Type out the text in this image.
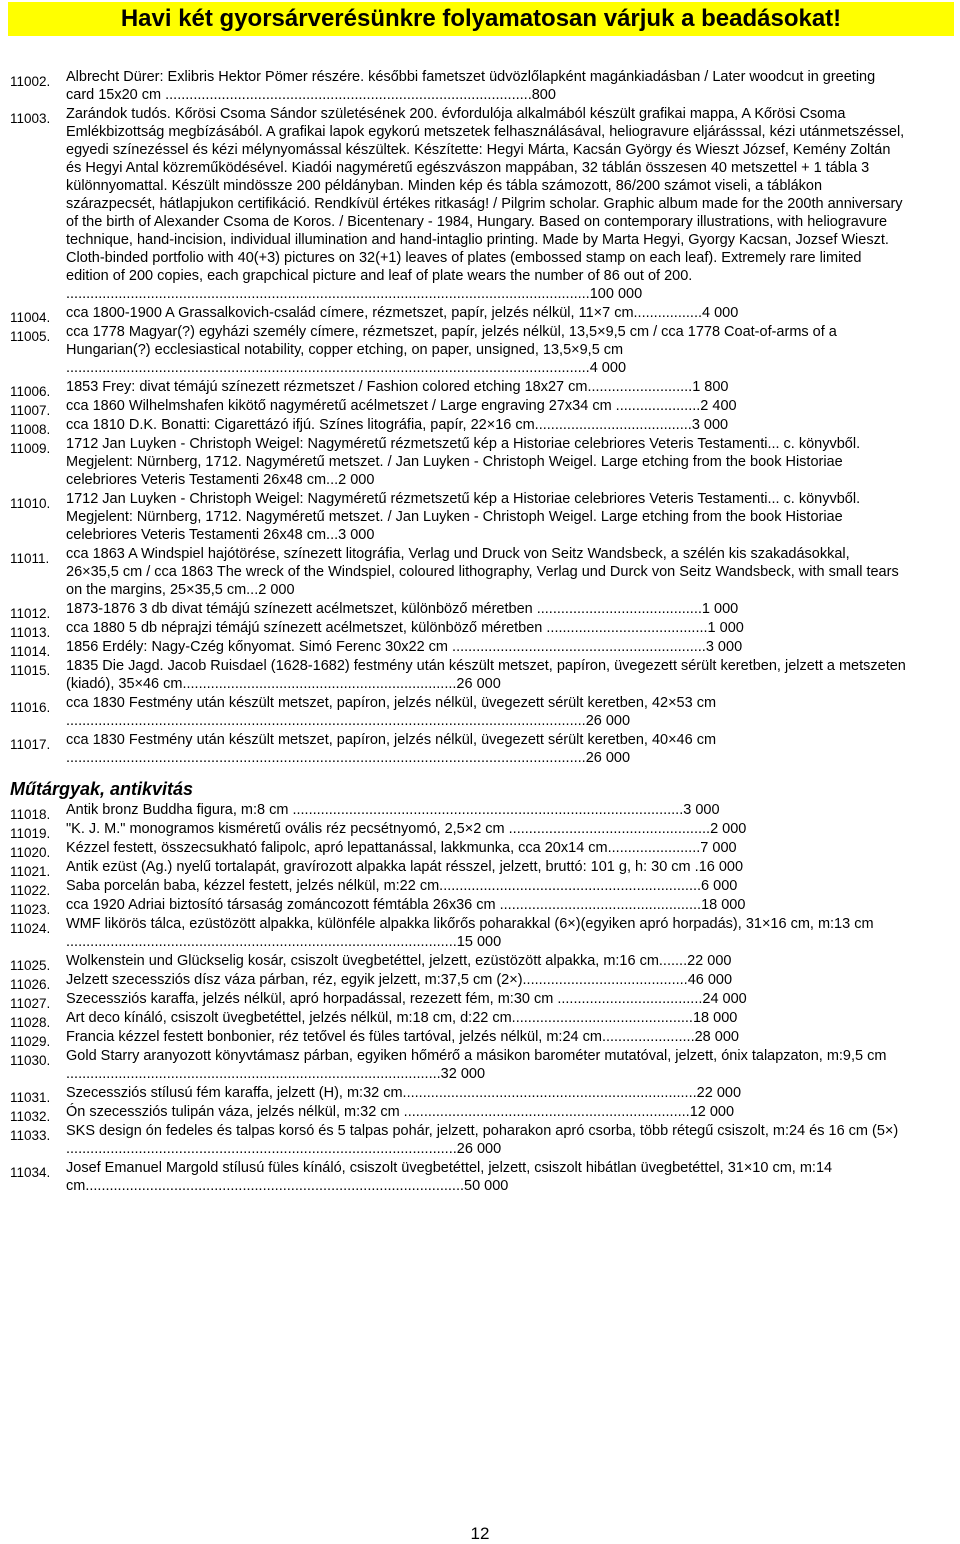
Havi két gyorsárverésünkre folyamatosan várjuk a beadásokat!
11002. Albrecht Dürer: Exlibris Hektor Pömer részére. későbbi fametszet üdvözlőlapként magánkiadásban / Later woodcut in greeting card 15x20 cm ...........................................................................................800
11003. Zarándok tudós. Kőrösi Csoma Sándor születésének 200. évfordulója alkalmából készült grafikai mappa, A Kőrösi Csoma Emlékbizottság megbízásából. A grafikai lapok egykorú metszetek felhasználásával, heliogravure eljárásssal, kézi utánmetszéssel, egyedi színezéssel és kézi mélynyomással készültek. Készítette: Hegyi Márta, Kacsán György és Wieszt József, Kemény Zoltán és Hegyi Antal közreműködésével. Kiadói nagyméretű egészvászon mappában, 32 táblán összesen 40 metszettel + 1 tábla 3 különnyomattal. Készült mindössze 200 példányban. Minden kép és tábla számozott, 86/200 számot viseli, a táblákon szárazpecsét, hátlapjukon certifikáció. Rendkívül értékes ritkaság! / Pilgrim scholar. Graphic album made for the 200th anniversary of the birth of Alexander Csoma de Koros. / Bicentenary - 1984, Hungary. Based on contemporary illustrations, with heliogravure technique, hand-incision, individual illumination and hand-intaglio printing. Made by Marta Hegyi, Gyorgy Kacsan, Jozsef Wieszt. Cloth-binded portfolio with 40(+3) pictures on 32(+1) leaves of plates (embossed stamp on each leaf). Extremely rare limited edition of 200 copies, each grapchical picture and leaf of plate wears the number of 86 out of 200. ..................................................................................................................................100 000
11004. cca 1800-1900 A Grassalkovich-család címere, rézmetszet, papír, jelzés nélkül, 11×7 cm.................4 000
11005. cca 1778 Magyar(?) egyházi személy címere, rézmetszet, papír, jelzés nélkül, 13,5×9,5 cm / cca 1778 Coat-of-arms of a Hungarian(?) ecclesiastical notability, copper etching, on paper, unsigned, 13,5×9,5 cm ..................................................................................................................................4 000
11006. 1853 Frey: divat témájú színezett rézmetszet / Fashion colored etching 18x27 cm..........................1 800
11007. cca 1860 Wilhelmshafen kikötő nagyméretű acélmetszet / Large engraving 27x34 cm .....................2 400
11008. cca 1810 D.K. Bonatti: Cigarettázó ifjú. Színes litográfia, papír, 22×16 cm.......................................3 000
11009. 1712 Jan Luyken - Christoph Weigel: Nagyméretű rézmetszetű kép a Historiae celebriores Veteris Testamenti... c. könyvből. Megjelent: Nürnberg, 1712. Nagyméretű metszet. / Jan Luyken - Christoph Weigel. Large etching from the book Historiae celebriores Veteris Testamenti 26x48 cm...2 000
11010. 1712 Jan Luyken - Christoph Weigel: Nagyméretű rézmetszetű kép a Historiae celebriores Veteris Testamenti... c. könyvből. Megjelent: Nürnberg, 1712. Nagyméretű metszet. / Jan Luyken - Christoph Weigel. Large etching from the book Historiae celebriores Veteris Testamenti 26x48 cm...3 000
11011. cca 1863 A Windspiel hajótörése, színezett litográfia, Verlag und Druck von Seitz Wandsbeck, a szélén kis szakadásokkal, 26×35,5 cm / cca 1863 The wreck of the Windspiel, coloured lithography, Verlag und Durck von Seitz Wandsbeck, with small tears on the margins, 25×35,5 cm...2 000
11012. 1873-1876 3 db divat témájú színezett acélmetszet, különböző méretben .........................................1 000
11013. cca 1880 5 db néprajzi témájú színezett acélmetszet, különböző méretben ........................................1 000
11014. 1856 Erdély: Nagy-Czég kőnyomat. Simó Ferenc 30x22 cm ...............................................................3 000
11015. 1835 Die Jagd. Jacob Ruisdael (1628-1682) festmény után készült metszet, papíron, üvegezett sérült keretben, jelzett a metszeten (kiadó), 35×46 cm....................................................................26 000
11016. cca 1830 Festmény után készült metszet, papíron, jelzés nélkül, üvegezett sérült keretben, 42×53 cm .................................................................................................................................26 000
11017. cca 1830 Festmény után készült metszet, papíron, jelzés nélkül, üvegezett sérült keretben, 40×46 cm .................................................................................................................................26 000
Műtárgyak, antikvitás
11018. Antik bronz Buddha figura, m:8 cm .................................................................................................3 000
11019. "K. J. M." monogramos kisméretű ovális réz pecsétnyomó, 2,5×2 cm ..................................................2 000
11020. Kézzel festett, összecsukható falipolc, apró lepattanással, lakkmunka, cca 20x14 cm.......................7 000
11021. Antik ezüst (Ag.) nyelű tortalapát, gravírozott alpakka lapát résszel, jelzett, bruttó: 101 g, h: 30 cm .16 000
11022. Saba porcelán baba, kézzel festett, jelzés nélkül, m:22 cm.................................................................6 000
11023. cca 1920 Adriai biztosító társaság zománcozott fémtábla 26x36 cm ..................................................18 000
11024. WMF likörös tálca, ezüstözött alpakka, különféle alpakka likőrős poharakkal (6×)(egyiken apró horpadás), 31×16 cm, m:13 cm .................................................................................................15 000
11025. Wolkenstein und Glückselig kosár, csiszolt üvegbetéttel, jelzett, ezüstözött alpakka, m:16 cm.......22 000
11026. Jelzett szecessziós dísz váza párban, réz, egyik jelzett, m:37,5 cm (2×).........................................46 000
11027. Szecessziós karaffa, jelzés nélkül, apró horpadással, rezezett fém, m:30 cm ....................................24 000
11028. Art deco kínáló, csiszolt üvegbetéttel, jelzés nélkül, m:18 cm, d:22 cm.............................................18 000
11029. Francia kézzel festett bonbonier, réz tetővel és füles tartóval, jelzés nélkül, m:24 cm.......................28 000
11030. Gold Starry aranyozott könyvtámasz párban, egyiken hőmérő a másikon barométer mutatóval, jelzett, ónix talapzaton, m:9,5 cm .............................................................................................32 000
11031. Szecessziós stílusú fém karaffa, jelzett (H), m:32 cm.........................................................................22 000
11032. Ón szecessziós tulipán váza, jelzés nélkül, m:32 cm .......................................................................12 000
11033. SKS design ón fedeles és talpas korsó és 5 talpas pohár, jelzett, poharakon apró csorba, több rétegű csiszolt, m:24 és 16 cm (5×) .................................................................................................26 000
11034. Josef Emanuel Margold stílusú füles kínáló, csiszolt üvegbetéttel, jelzett, csiszolt hibátlan üvegbetéttel, 31×10 cm, m:14 cm..............................................................................................50 000
12
